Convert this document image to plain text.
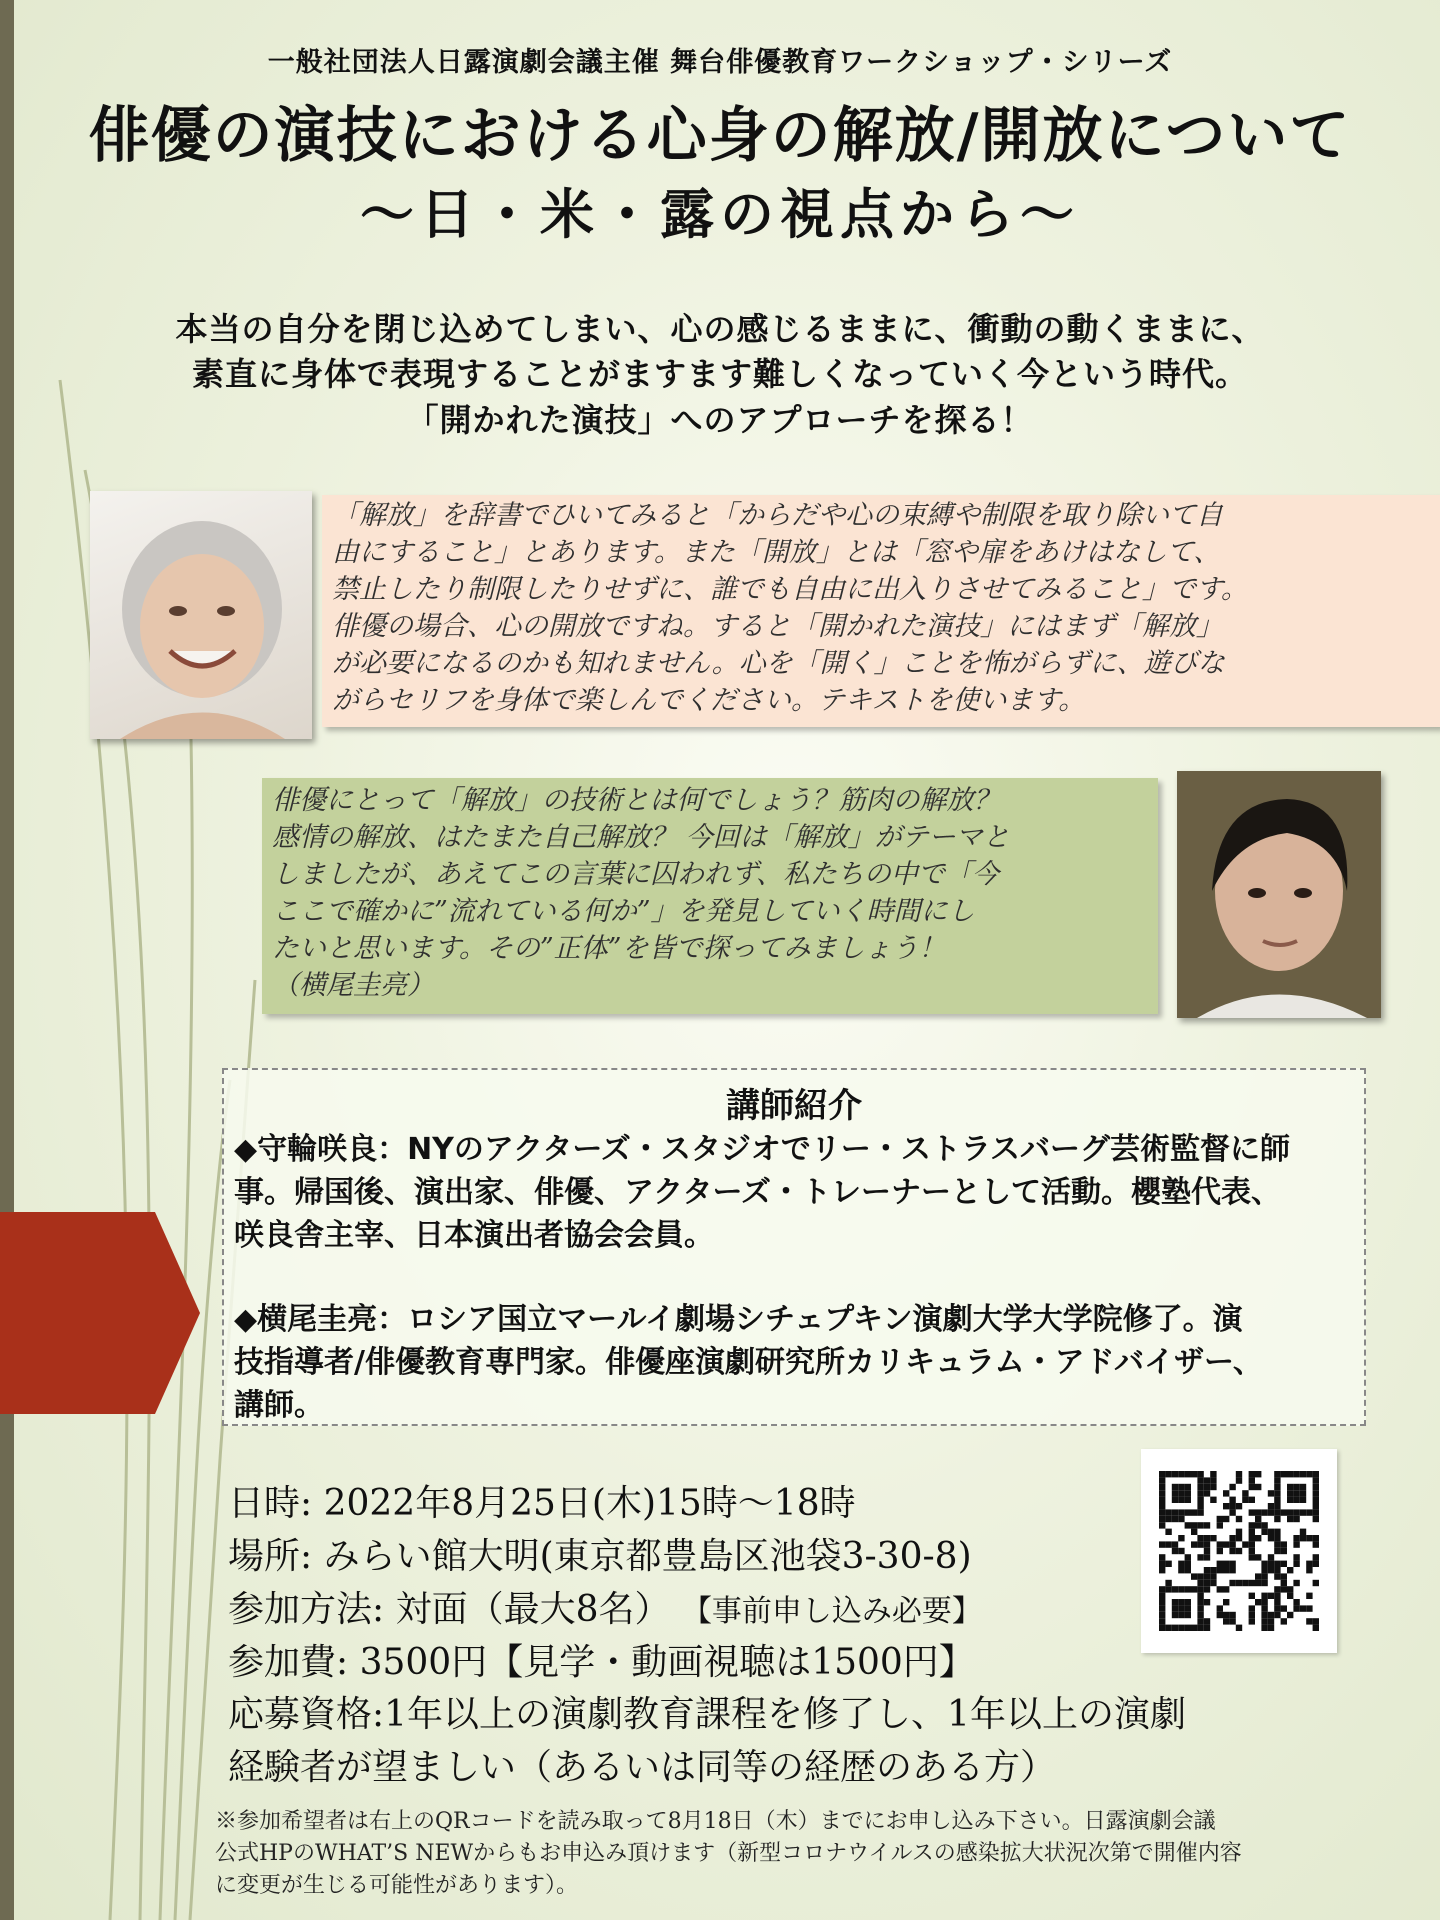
一般社団法人日露演劇会議主催 舞台俳優教育ワークショップ・シリーズ
俳優の演技における心身の解放/開放について
〜日・米・露の視点から〜
本当の自分を閉じ込めてしまい、心の感じるままに、衝動の動くままに、
素直に身体で表現することがますます難しくなっていく今という時代。
「開かれた演技」へのアプローチを探る！
「解放」を辞書でひいてみると「からだや心の束縛や制限を取り除いて自
由にすること」とあります。また「開放」とは「窓や扉をあけはなして、
禁止したり制限したりせずに、誰でも自由に出入りさせてみること」です。
俳優の場合、心の開放ですね。すると「開かれた演技」にはまず「解放」
が必要になるのかも知れません。心を「開く」ことを怖がらずに、遊びな
がらセリフを身体で楽しんでください。テキストを使います。
俳優にとって「解放」の技術とは何でしょう？筋肉の解放？
感情の解放、はたまた自己解放？ 今回は「解放」がテーマと
しましたが、あえてこの言葉に囚われず、私たちの中で「今
ここで確かに”流れている何か”」を発見していく時間にし
たいと思います。その”正体”を皆で探ってみましょう！
（横尾圭亮）
講師紹介
◆守輪咲良：NYのアクターズ・スタジオでリー・ストラスバーグ芸術監督に師
事。帰国後、演出家、俳優、アクターズ・トレーナーとして活動。櫻塾代表、
咲良舎主宰、日本演出者協会会員。
◆横尾圭亮：ロシア国立マールイ劇場シチェプキン演劇大学大学院修了。演
技指導者/俳優教育専門家。俳優座演劇研究所カリキュラム・アドバイザー、
講師。
日時: 2022年8月25日(木)15時〜18時
場所: みらい館大明(東京都豊島区池袋3-30-8)
参加方法: 対面（最大8名） 【事前申し込み必要】
参加費: 3500円【見学・動画視聴は1500円】
応募資格:1年以上の演劇教育課程を修了し、1年以上の演劇
経験者が望ましい（あるいは同等の経歴のある方）
※参加希望者は右上のQRコードを読み取って8月18日（木）までにお申し込み下さい。日露演劇会議
公式HPのWHAT’S NEWからもお申込み頂けます（新型コロナウイルスの感染拡大状況次第で開催内容
に変更が生じる可能性があります）。
